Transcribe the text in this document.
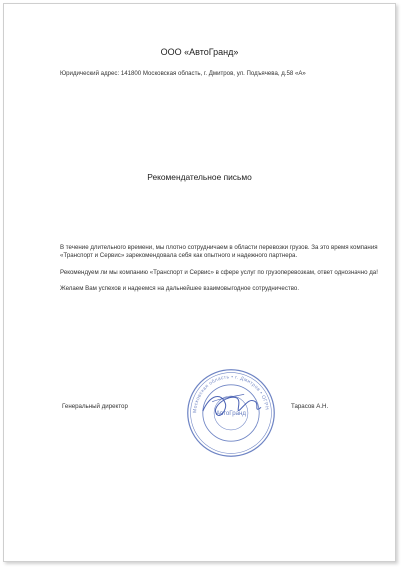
ООО «АвтоГранд»
Юридический адрес: 141800 Московская область, г. Дмитров, ул. Подъячева, д.58 «А»
Рекомендательное письмо

В течение длительного времени, мы плотно сотрудничаем в области перевозки грузов. За это время компания «Транспорт и Сервис» зарекомендовала себя как опытного и надежного партнера.

Рекомендуем ли мы компанию «Транспорт и Сервис» в сфере услуг по грузоперевозкам, ответ однозначно да!

Желаем Вам успехов и надеемся на дальнейшее взаимовыгодное сотрудничество.

Генеральный директор	Тарасов А.Н.
Московская область • г. Дмитров • ОГРН
АвтоГранд
